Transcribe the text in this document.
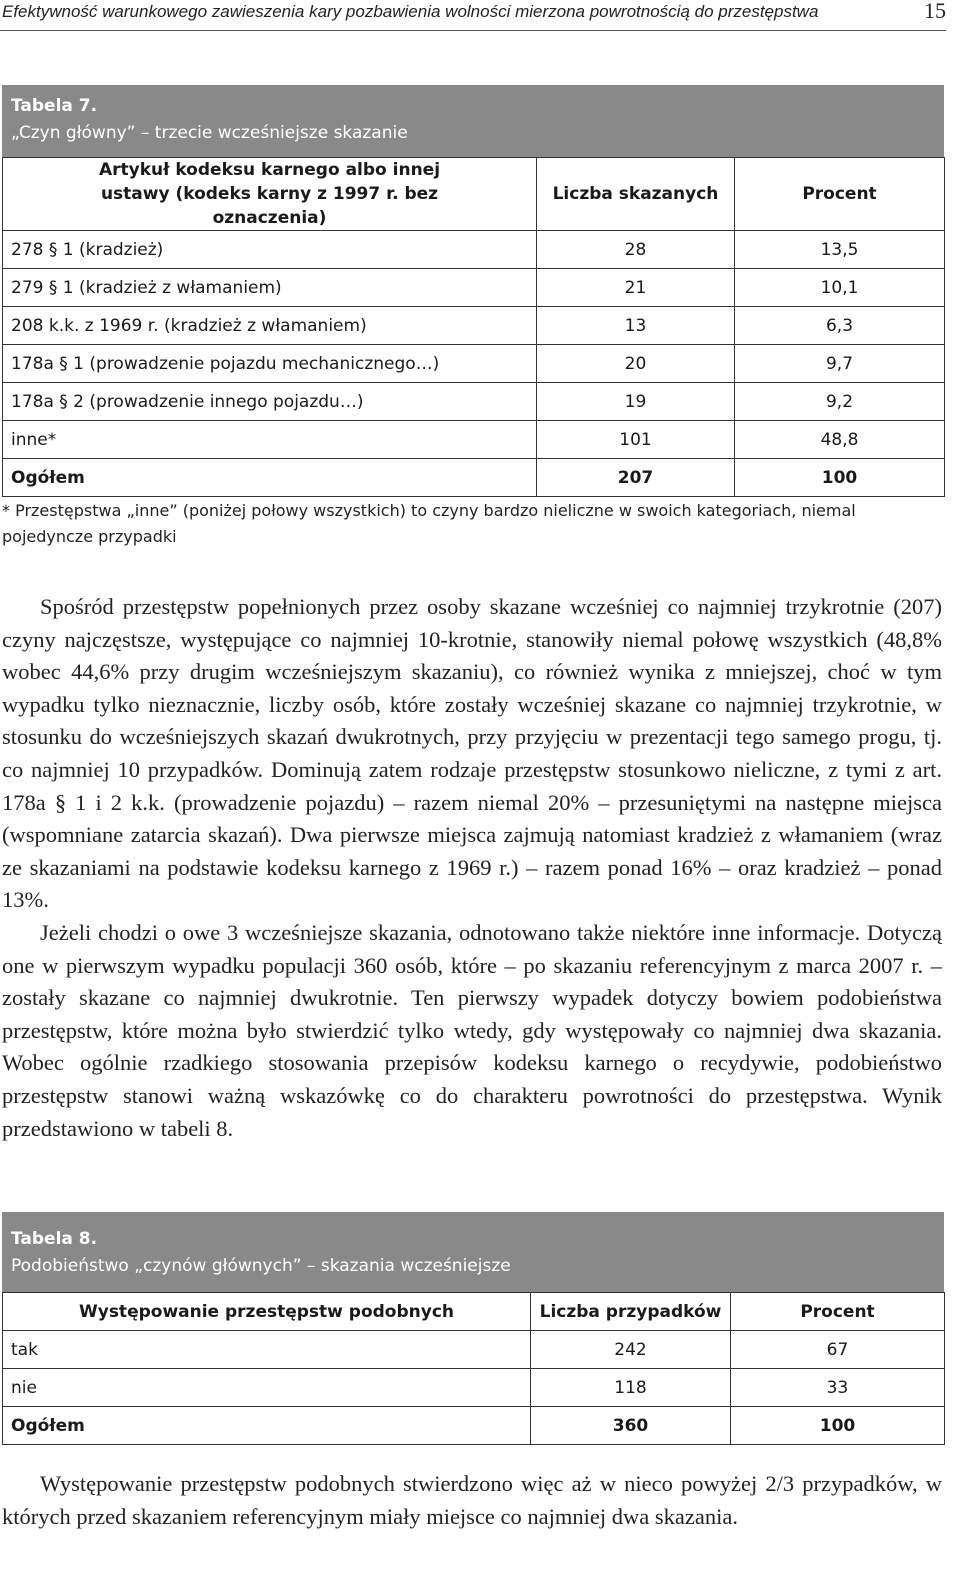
Efektywność warunkowego zawieszenia kary pozbawienia wolności mierzona powrotnością do przestępstwa	15
Tabela 7.
„Czyn główny” – trzecie wcześniejsze skazanie
Artykuł kodeksu karnego albo innej ustawy (kodeks karny z 1997 r. bez oznaczenia)	Liczba skazanych	Procent
278 § 1 (kradzież)	28	13,5
279 § 1 (kradzież z włamaniem)	21	10,1
208 k.k. z 1969 r. (kradzież z włamaniem)	13	6,3
178a § 1 (prowadzenie pojazdu mechanicznego…)	20	9,7
178a § 2 (prowadzenie innego pojazdu…)	19	9,2
inne*	101	48,8
Ogółem	207	100
* Przestępstwa „inne” (poniżej połowy wszystkich) to czyny bardzo nieliczne w swoich kategoriach, niemal pojedyncze przypadki

Spośród przestępstw popełnionych przez osoby skazane wcześniej co najmniej trzykrotnie (207) czyny najczęstsze, występujące co najmniej 10-krotnie, stanowiły niemal połowę wszystkich (48,8% wobec 44,6% przy drugim wcześniejszym skazaniu), co również wynika z mniejszej, choć w tym wypadku tylko nieznacznie, liczby osób, które zostały wcześniej skazane co najmniej trzykrotnie, w stosunku do wcześniejszych skazań dwukrotnych, przy przyjęciu w prezentacji tego samego progu, tj. co najmniej 10 przypadków. Dominują zatem rodzaje przestępstw stosunkowo nieliczne, z tymi z art. 178a § 1 i 2 k.k. (prowadzenie pojazdu) – razem niemal 20% – przesuniętymi na następne miejsca (wspomniane zatarcia skazań). Dwa pierwsze miejsca zajmują natomiast kradzież z włamaniem (wraz ze skazaniami na podstawie kodeksu karnego z 1969 r.) – razem ponad 16% – oraz kradzież – ponad 13%.

Jeżeli chodzi o owe 3 wcześniejsze skazania, odnotowano także niektóre inne informacje. Dotyczą one w pierwszym wypadku populacji 360 osób, które – po skazaniu referencyjnym z marca 2007 r. – zostały skazane co najmniej dwukrotnie. Ten pierwszy wypadek dotyczy bowiem podobieństwa przestępstw, które można było stwierdzić tylko wtedy, gdy występowały co najmniej dwa skazania. Wobec ogólnie rzadkiego stosowania przepisów kodeksu karnego o recydywie, podobieństwo przestępstw stanowi ważną wskazówkę co do charakteru powrotności do przestępstwa. Wynik przedstawiono w tabeli 8.

Tabela 8.
Podobieństwo „czynów głównych” – skazania wcześniejsze
Występowanie przestępstw podobnych	Liczba przypadków	Procent
tak	242	67
nie	118	33
Ogółem	360	100

Występowanie przestępstw podobnych stwierdzono więc aż w nieco powyżej 2/3 przypadków, w których przed skazaniem referencyjnym miały miejsce co najmniej dwa skazania.
